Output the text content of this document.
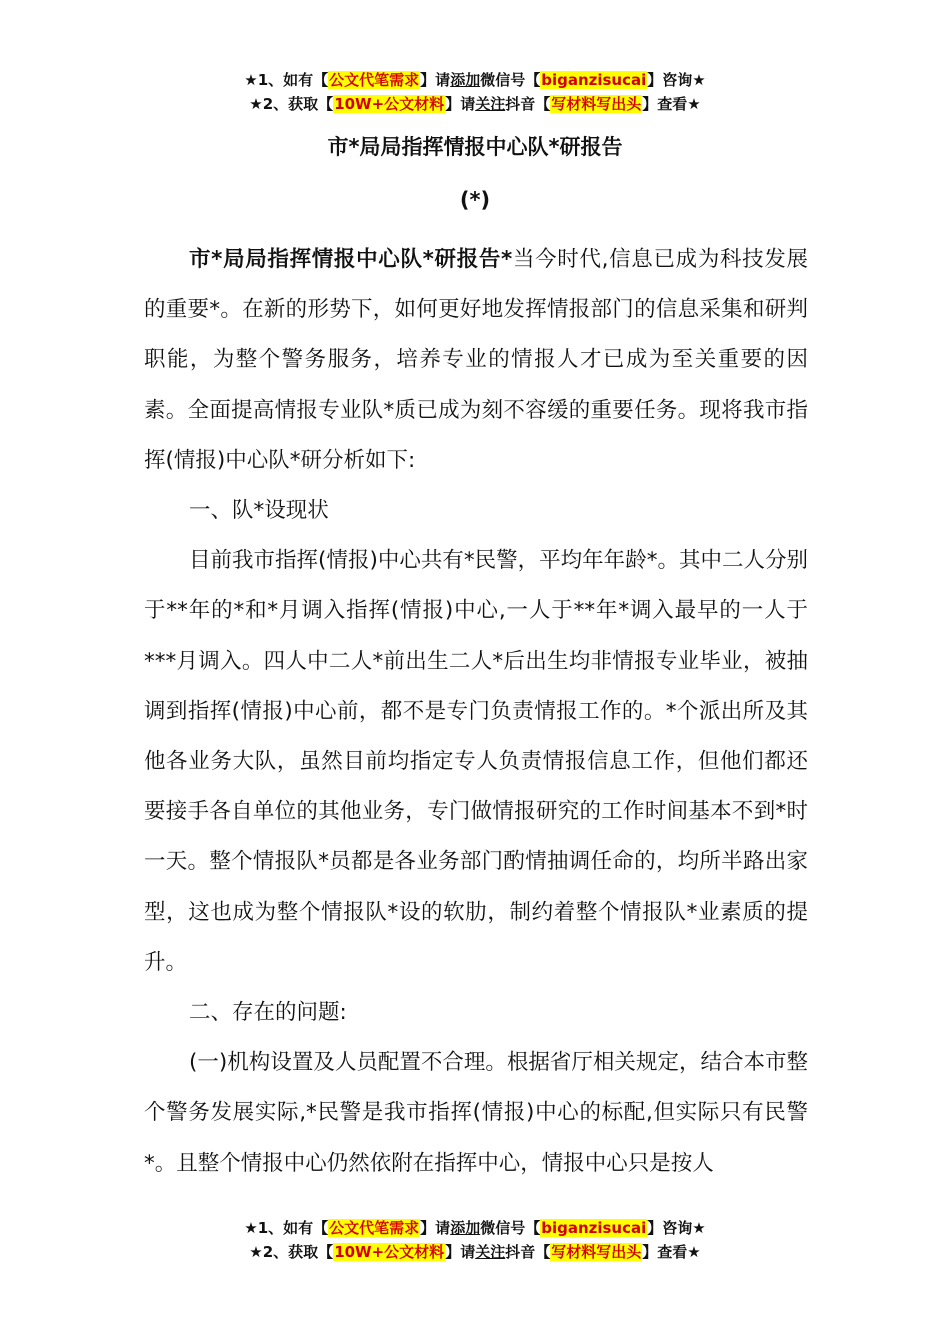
★1、如有【公文代笔需求】请添加微信号【biganzisucai】咨询★
★2、获取【10W+公文材料】请关注抖音【写材料写出头】查看★
市*局局指挥情报中心队*研报告
(*)

市*局局指挥情报中心队*研报告*当今时代,信息已成为科技发展的重要*。在新的形势下，如何更好地发挥情报部门的信息采集和研判职能，为整个警务服务，培养专业的情报人才已成为至关重要的因素。全面提高情报专业队*质已成为刻不容缓的重要任务。现将我市指挥(情报)中心队*研分析如下:

一、队*设现状

目前我市指挥(情报)中心共有*民警，平均年年龄*。其中二人分别于**年的*和*月调入指挥(情报)中心,一人于**年*调入最早的一人于***月调入。四人中二人*前出生二人*后出生均非情报专业毕业，被抽调到指挥(情报)中心前，都不是专门负责情报工作的。*个派出所及其他各业务大队，虽然目前均指定专人负责情报信息工作，但他们都还要接手各自单位的其他业务，专门做情报研究的工作时间基本不到*时一天。整个情报队*员都是各业务部门酌情抽调任命的，均所半路出家型，这也成为整个情报队*设的软肋，制约着整个情报队*业素质的提升。

二、存在的问题:

(一)机构设置及人员配置不合理。根据省厅相关规定，结合本市整个警务发展实际,*民警是我市指挥(情报)中心的标配,但实际只有民警*。且整个情报中心仍然依附在指挥中心，情报中心只是按人

★1、如有【公文代笔需求】请添加微信号【biganzisucai】咨询★
★2、获取【10W+公文材料】请关注抖音【写材料写出头】查看★
